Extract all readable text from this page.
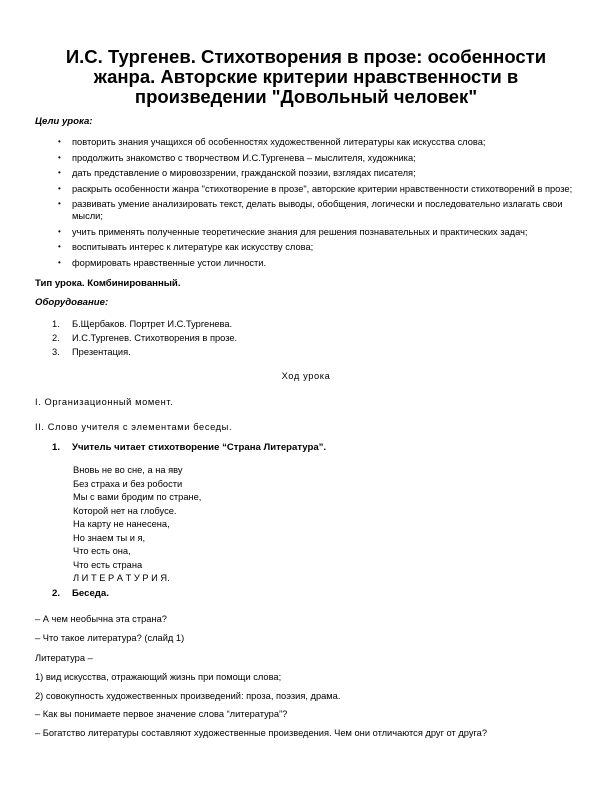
И.С. Тургенев. Стихотворения в прозе: особенности жанра. Авторские критерии нравственности в произведении "Довольный человек"

Цели урока:

• повторить знания учащихся об особенностях художественной литературы как искусства слова;
• продолжить знакомство с творчеством И.С.Тургенева – мыслителя, художника;
• дать представление о мировоззрении, гражданской поэзии, взглядах писателя;
• раскрыть особенности жанра "стихотворение в прозе", авторские критерии нравственности стихотворений в прозе;
• развивать умение анализировать текст, делать выводы, обобщения, логически и последовательно излагать свои мысли;
• учить применять полученные теоретические знания для решения познавательных и практических задач;
• воспитывать интерес к литературе как искусству слова;
• формировать нравственные устои личности.

Тип урока. Комбинированный.

Оборудование:

1. Б.Щербаков. Портрет И.С.Тургенева.
2. И.С.Тургенев. Стихотворения в прозе.
3. Презентация.

Ход урока

I. Организационный момент.

II. Слово учителя с элементами беседы.

1. Учитель читает стихотворение “Страна Литература”.

Вновь не во сне, а на яву
Без страха и без робости
Мы с вами бродим по стране,
Которой нет на глобусе.
На карту не нанесена,
Но знаем ты и я,
Что есть она,
Что есть страна
Л И Т Е Р А Т У Р И Я.

2. Беседа.

– А чем необычна эта страна?

– Что такое литература? (слайд 1)

Литература –

1) вид искусства, отражающий жизнь при помощи слова;

2) совокупность художественных произведений: проза, поэзия, драма.

– Как вы понимаете первое значение слова “литература”?

– Богатство литературы составляют художественные произведения. Чем они отличаются друг от друга?
